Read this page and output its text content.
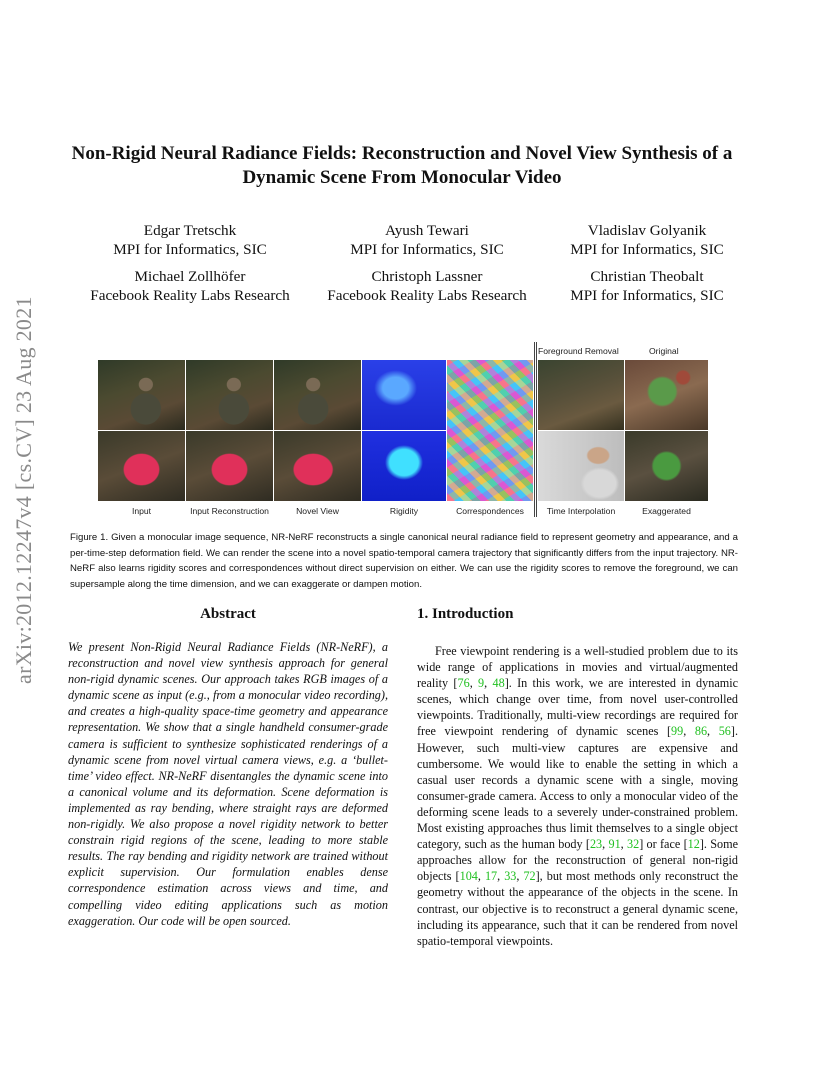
arXiv:2012.12247v4 [cs.CV] 23 Aug 2021
Non-Rigid Neural Radiance Fields: Reconstruction and Novel View Synthesis of a Dynamic Scene From Monocular Video
Edgar Tretschk
MPI for Informatics, SIC
Ayush Tewari
MPI for Informatics, SIC
Vladislav Golyanik
MPI for Informatics, SIC
Michael Zollhöfer
Facebook Reality Labs Research
Christoph Lassner
Facebook Reality Labs Research
Christian Theobalt
MPI for Informatics, SIC
Foreground Removal	Original
Input	Input Reconstruction	Novel View	Rigidity	Correspondences	Time Interpolation	Exaggerated

Figure 1. Given a monocular image sequence, NR-NeRF reconstructs a single canonical neural radiance field to represent geometry and appearance, and a per-time-step deformation field. We can render the scene into a novel spatio-temporal camera trajectory that significantly differs from the input trajectory. NR-NeRF also learns rigidity scores and correspondences without direct supervision on either. We can use the rigidity scores to remove the foreground, we can supersample along the time dimension, and we can exaggerate or dampen motion.

Abstract

We present Non-Rigid Neural Radiance Fields (NR-NeRF), a reconstruction and novel view synthesis approach for general non-rigid dynamic scenes. Our approach takes RGB images of a dynamic scene as input (e.g., from a monocular video recording), and creates a high-quality space-time geometry and appearance representation. We show that a single handheld consumer-grade camera is sufficient to synthesize sophisticated renderings of a dynamic scene from novel virtual camera views, e.g. a ‘bullet-time’ video effect. NR-NeRF disentangles the dynamic scene into a canonical volume and its deformation. Scene deformation is implemented as ray bending, where straight rays are deformed non-rigidly. We also propose a novel rigidity network to better constrain rigid regions of the scene, leading to more stable results. The ray bending and rigidity network are trained without explicit supervision. Our formulation enables dense correspondence estimation across views and time, and compelling video editing applications such as motion exaggeration. Our code will be open sourced.

1. Introduction

Free viewpoint rendering is a well-studied problem due to its wide range of applications in movies and virtual/augmented reality [76, 9, 48]. In this work, we are interested in dynamic scenes, which change over time, from novel user-controlled viewpoints. Traditionally, multi-view recordings are required for free viewpoint rendering of dynamic scenes [99, 86, 56]. However, such multi-view captures are expensive and cumbersome. We would like to enable the setting in which a casual user records a dynamic scene with a single, moving consumer-grade camera. Access to only a monocular video of the deforming scene leads to a severely under-constrained problem. Most existing approaches thus limit themselves to a single object category, such as the human body [23, 91, 32] or face [12]. Some approaches allow for the reconstruction of general non-rigid objects [104, 17, 33, 72], but most methods only reconstruct the geometry without the appearance of the objects in the scene. In contrast, our objective is to reconstruct a general dynamic scene, including its appearance, such that it can be rendered from novel spatio-temporal viewpoints.
